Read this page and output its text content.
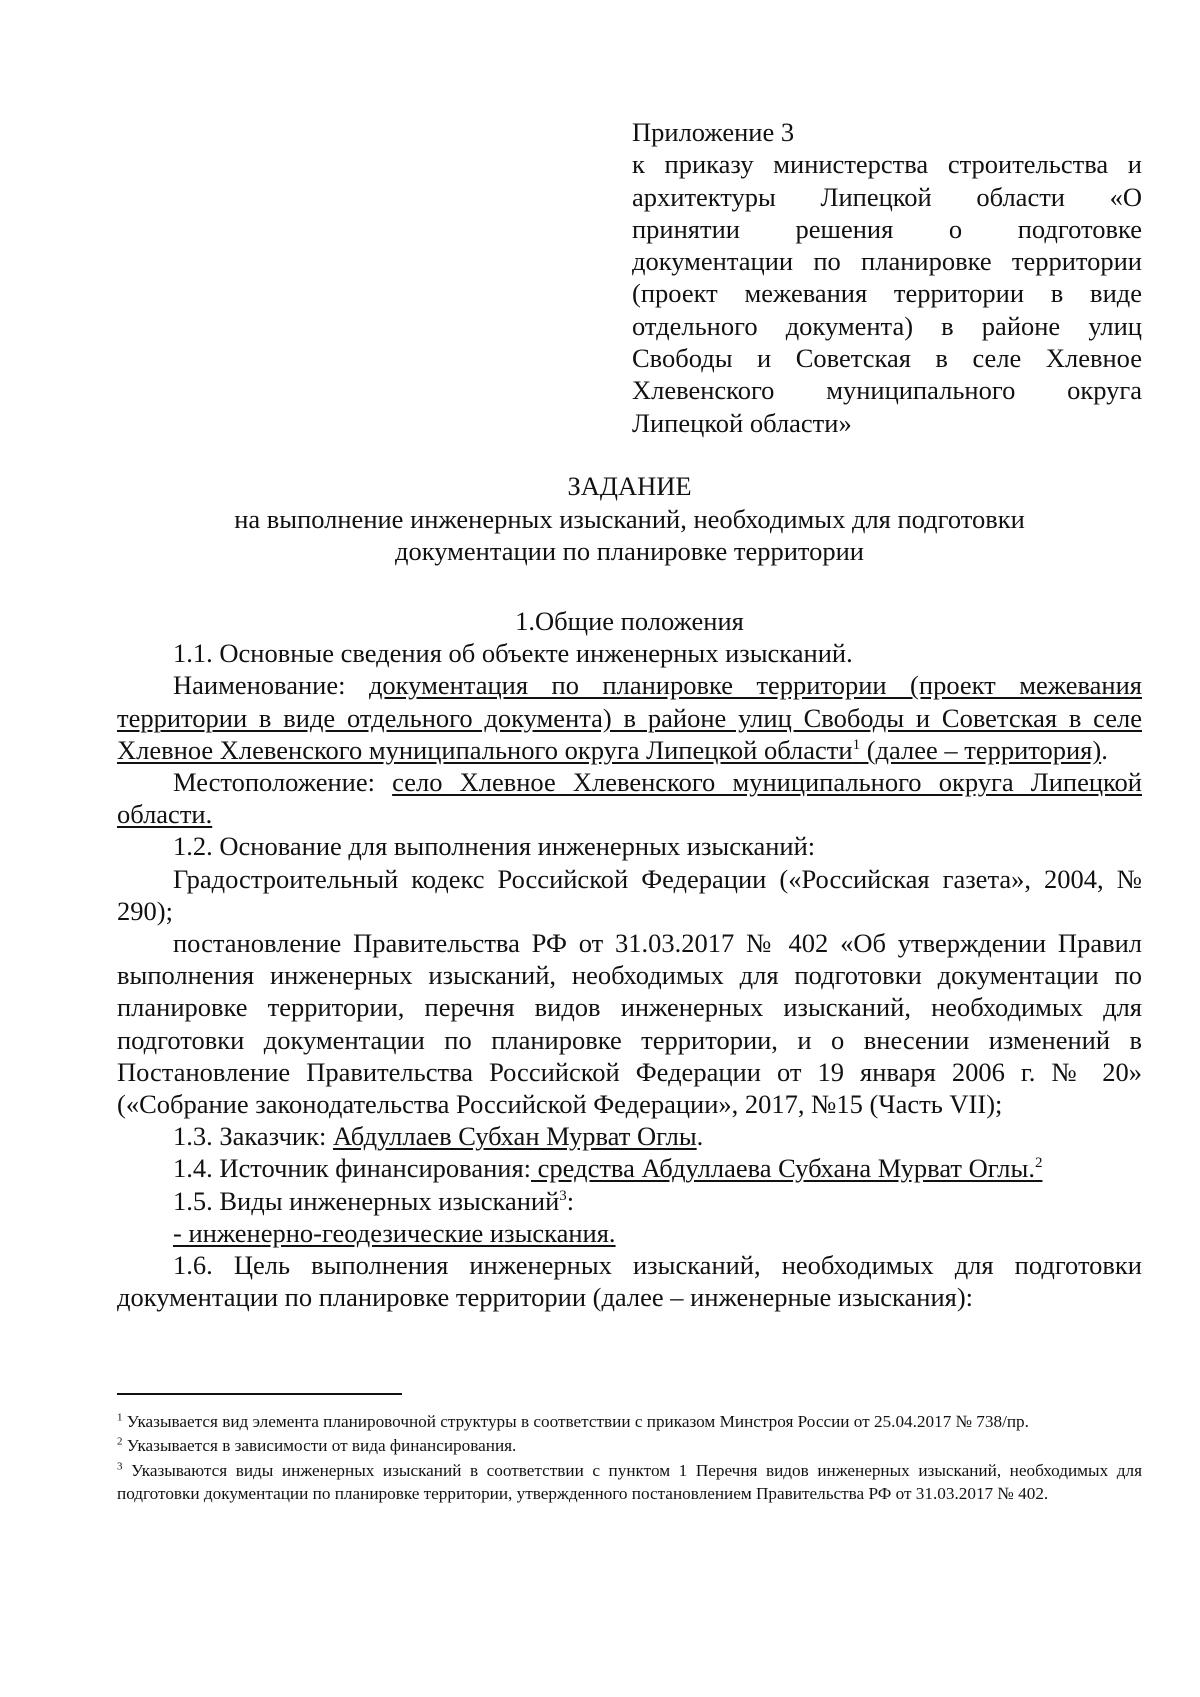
Приложение 3
к приказу министерства строительства и архитектуры Липецкой области «О принятии решения о подготовке документации по планировке территории (проект межевания территории в виде отдельного документа) в районе улиц Свободы и Советская в селе Хлевное Хлевенского муниципального округа Липецкой области»
ЗАДАНИЕ
на выполнение инженерных изысканий, необходимых для подготовки
документации по планировке территории

1.Общие положения

1.1. Основные сведения об объекте инженерных изысканий.

Наименование: документация по планировке территории (проект межевания территории в виде отдельного документа) в районе улиц Свободы и Советская в селе Хлевное Хлевенского муниципального округа Липецкой области$^1$ (далее – территория).

Местоположение: село Хлевное Хлевенского муниципального округа Липецкой области.

1.2. Основание для выполнения инженерных изысканий:

Градостроительный кодекс Российской Федерации («Российская газета», 2004, № 290);

постановление Правительства РФ от 31.03.2017 № 402 «Об утверждении Правил выполнения инженерных изысканий, необходимых для подготовки документации по планировке территории, перечня видов инженерных изысканий, необходимых для подготовки документации по планировке территории, и о внесении изменений в Постановление Правительства Российской Федерации от 19 января 2006 г. № 20» («Собрание законодательства Российской Федерации», 2017, №15 (Часть VII);

1.3. Заказчик: Абдуллаев Субхан Мурват Оглы.

1.4. Источник финансирования: средства Абдуллаева Субхана Мурват Оглы.$^2$

1.5. Виды инженерных изысканий$^3$:

- инженерно-геодезические изыскания.

1.6. Цель выполнения инженерных изысканий, необходимых для подготовки документации по планировке территории (далее – инженерные изыскания):

$^1$ Указывается вид элемента планировочной структуры в соответствии с приказом Минстроя России от 25.04.2017 № 738/пр.

$^2$ Указывается в зависимости от вида финансирования.

$^3$ Указываются виды инженерных изысканий в соответствии с пунктом 1 Перечня видов инженерных изысканий, необходимых для подготовки документации по планировке территории, утвержденного постановлением Правительства РФ от 31.03.2017 № 402.
